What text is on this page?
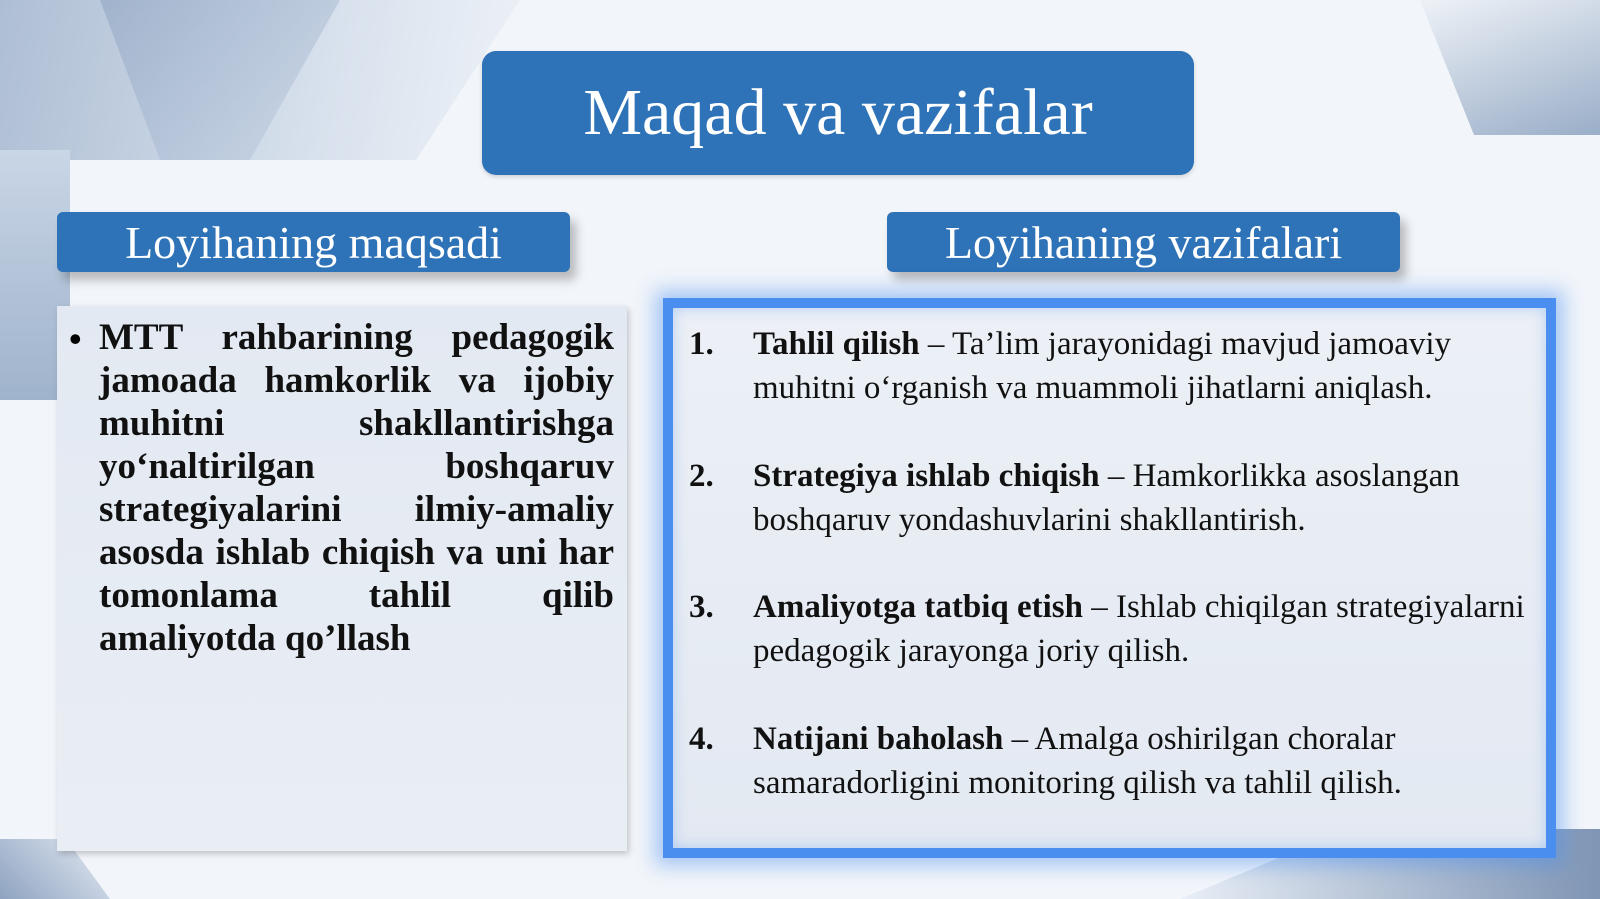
Maqad va vazifalar
Loyihaning maqsadi	Loyihaning vazifalari
• MTT rahbarining pedagogik jamoada hamkorlik va ijobiy muhitni shakllantirishga yo‘naltirilgan boshqaruv strategiyalarini ilmiy-amaliy asosda ishlab chiqish va uni har tomonlama tahlil qilib amaliyotda qo’llash
1. Tahlil qilish – Ta’lim jarayonidagi mavjud jamoaviy muhitni o‘rganish va muammoli jihatlarni aniqlash.
2. Strategiya ishlab chiqish – Hamkorlikka asoslangan boshqaruv yondashuvlarini shakllantirish.
3. Amaliyotga tatbiq etish – Ishlab chiqilgan strategiyalarni pedagogik jarayonga joriy qilish.
4. Natijani baholash – Amalga oshirilgan choralar samaradorligini monitoring qilish va tahlil qilish.
